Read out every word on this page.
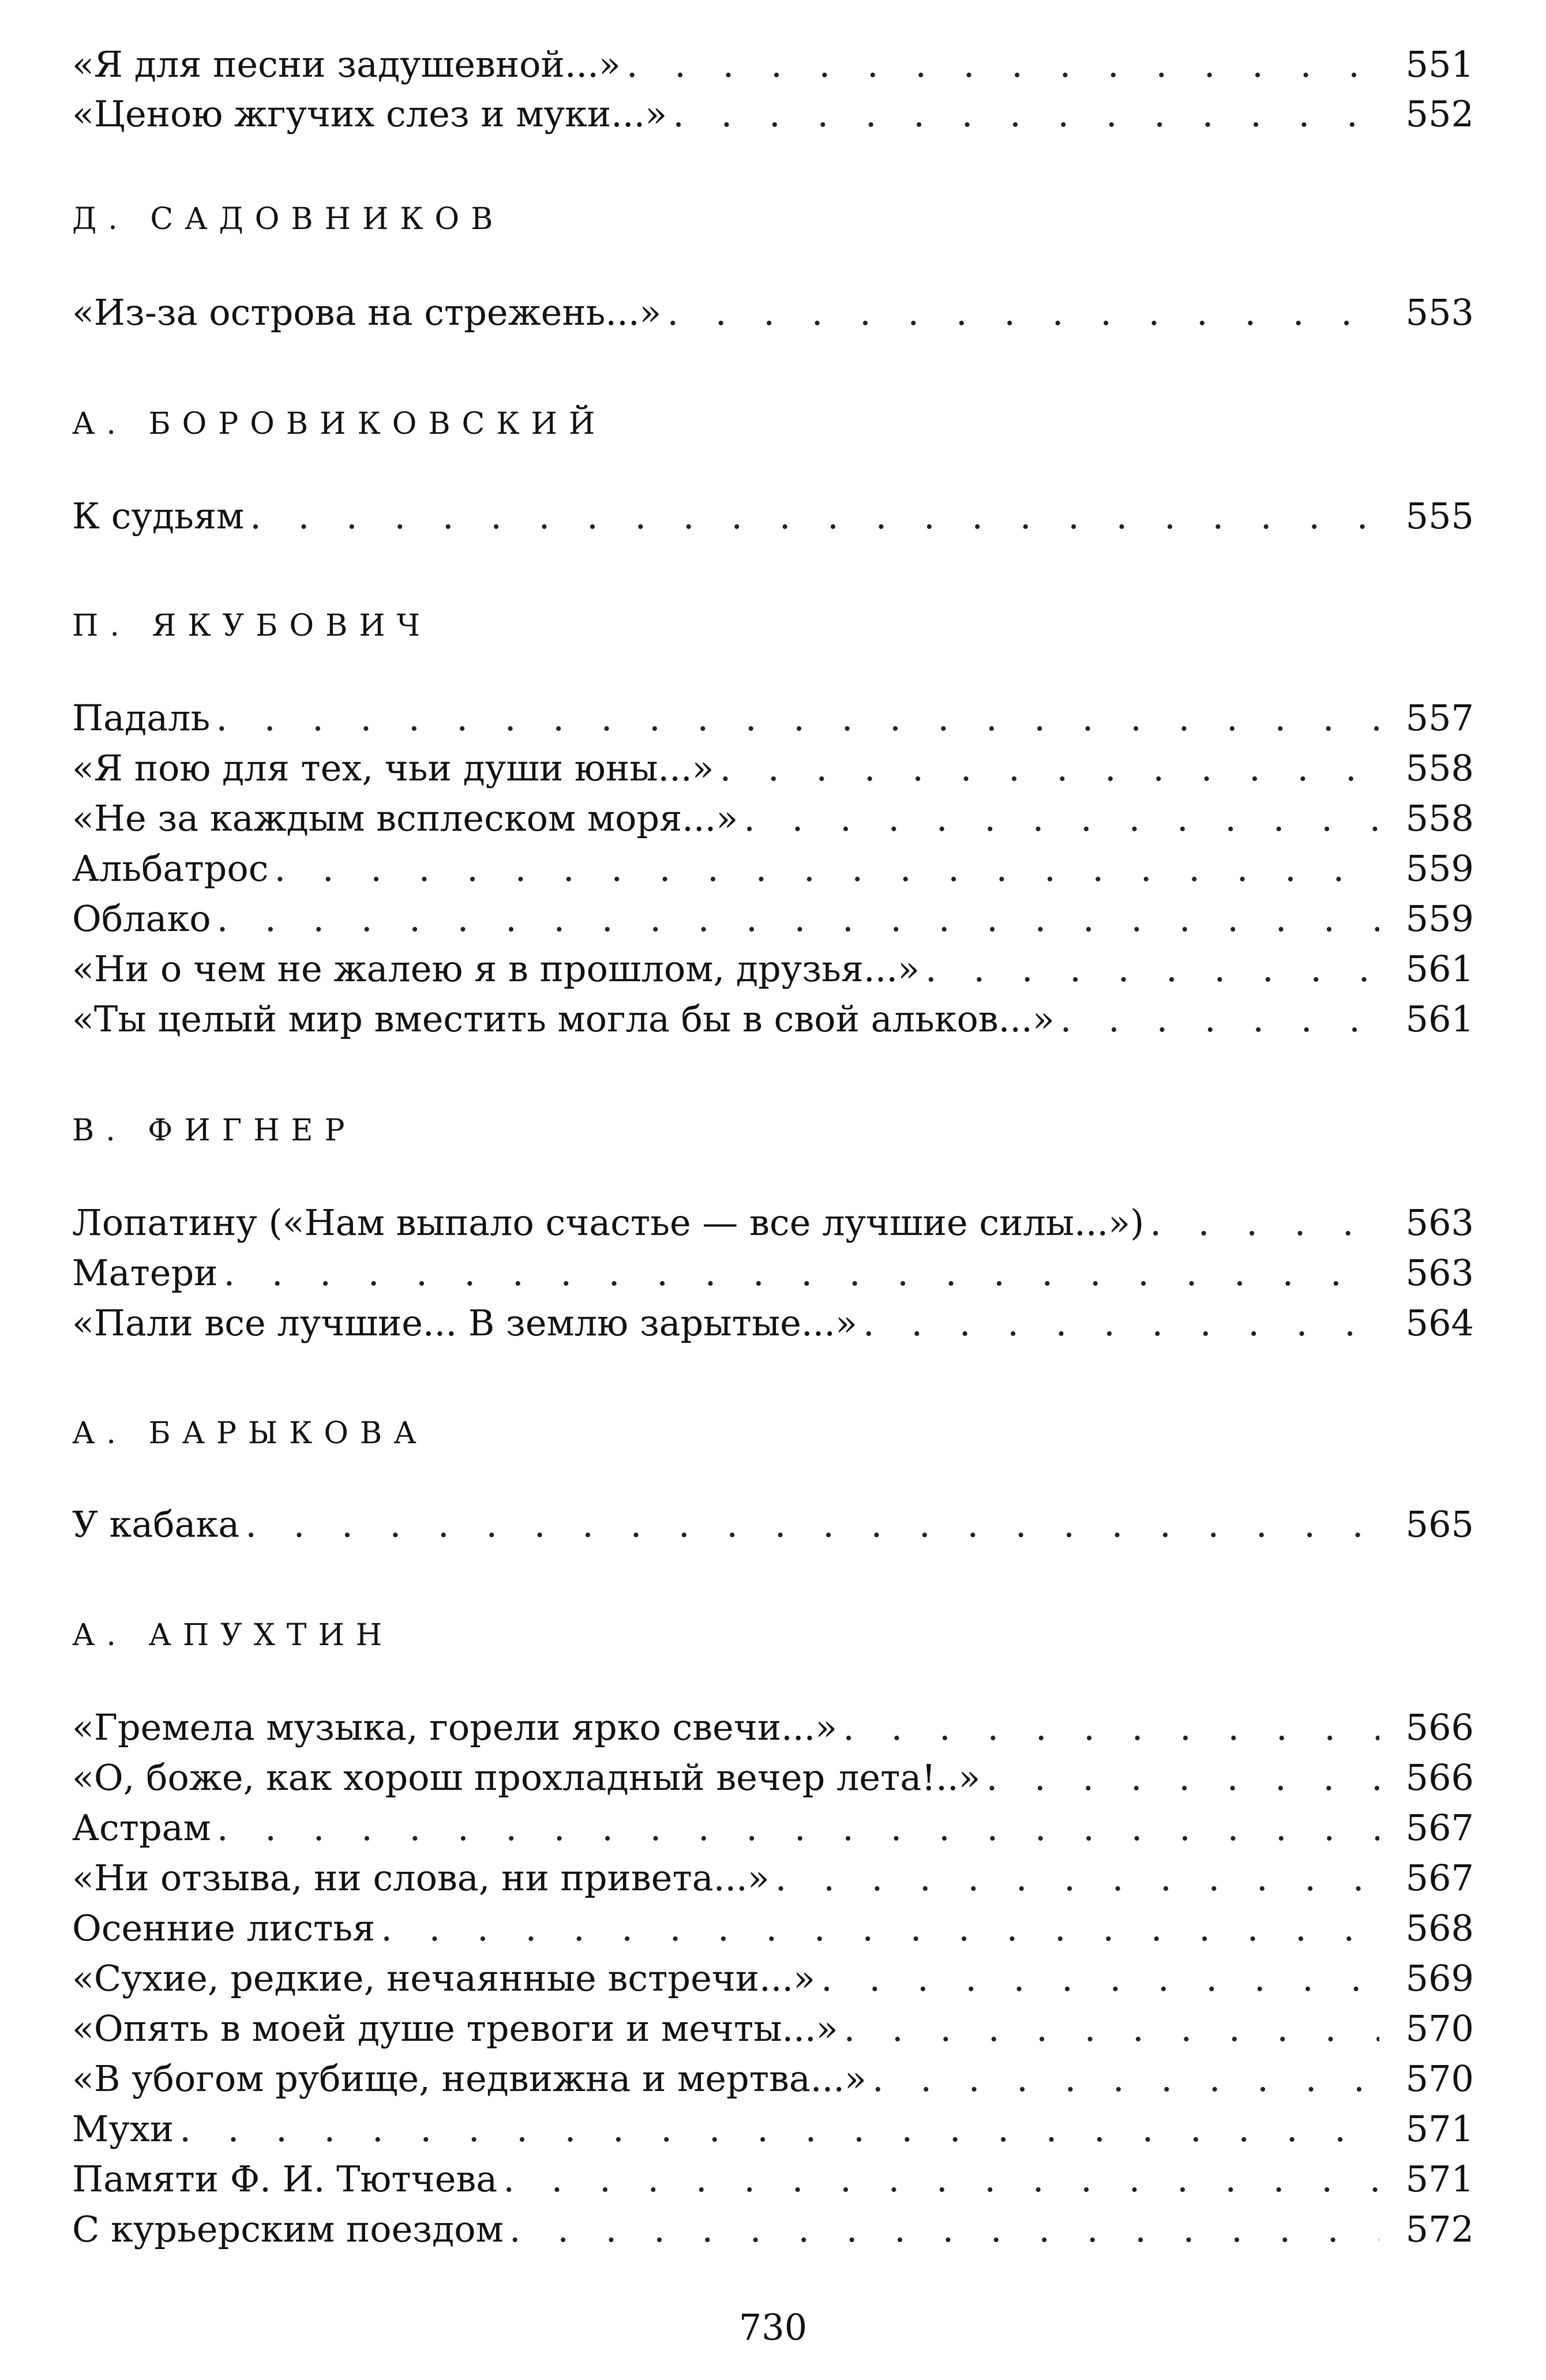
«Я для песни задушевной...» . . .	551
«Ценою жгучих слез и муки...» . . .	552
Д. САДОВНИКОВ
«Из-за острова на стрежень...» . . .	553
А. БОРОВИКОВСКИЙ
К судьям . . .	555
П. ЯКУБОВИЧ
Падаль . . .	557
«Я пою для тех, чьи души юны...» . . .	558
«Не за каждым всплеском моря...» . . .	558
Альбатрос . . .	559
Облако . . .	559
«Ни о чем не жалею я в прошлом, друзья...» . . .	561
«Ты целый мир вместить могла бы в свой альков...» . . .	561
В. ФИГНЕР
Лопатину («Нам выпало счастье — все лучшие силы...») . . .	563
Матери . . .	563
«Пали все лучшие... В землю зарытые...» . . .	564
А. БАРЫКОВА
У кабака . . .	565
А. АПУХТИН
«Гремела музыка, горели ярко свечи...» . . .	566
«О, боже, как хорош прохладный вечер лета!..» . . .	566
Астрам . . .	567
«Ни отзыва, ни слова, ни привета...» . . .	567
Осенние листья . . .	568
«Сухие, редкие, нечаянные встречи...» . . .	569
«Опять в моей душе тревоги и мечты...» . . .	570
«В убогом рубище, недвижна и мертва...» . . .	570
Мухи . . .	571
Памяти Ф. И. Тютчева . . .	571
С курьерским поездом . . .	572
730
